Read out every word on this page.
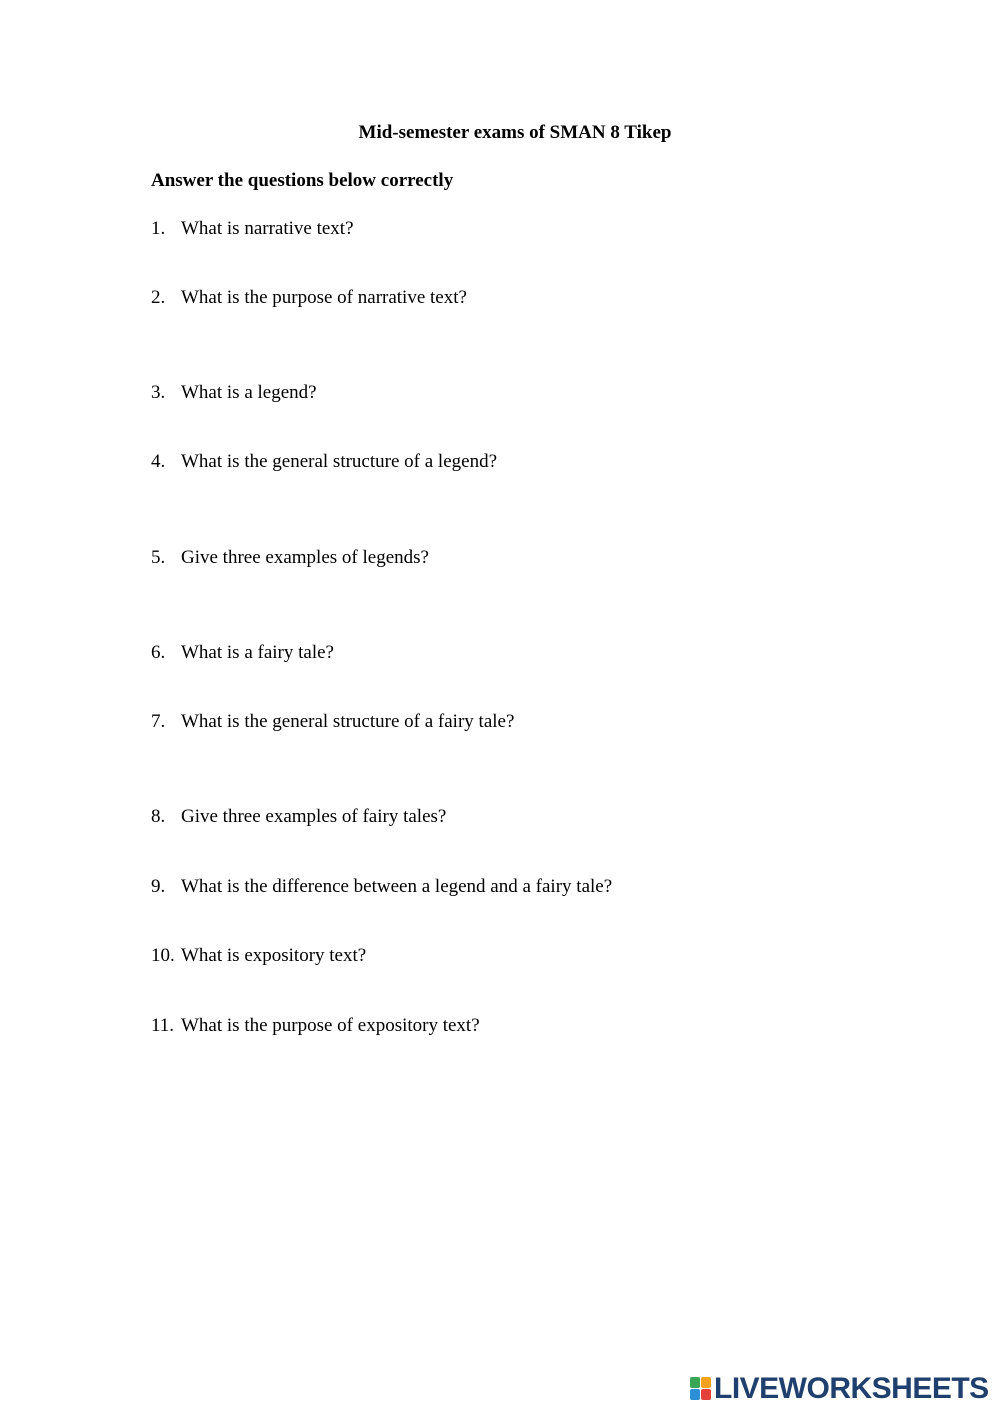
Mid-semester exams of SMAN 8 Tikep
Answer the questions below correctly
1. What is narrative text?
2. What is the purpose of narrative text?
3. What is a legend?
4. What is the general structure of a legend?
5. Give three examples of legends?
6. What is a fairy tale?
7. What is the general structure of a fairy tale?
8. Give three examples of fairy tales?
9. What is the difference between a legend and a fairy tale?
10. What is expository text?
11. What is the purpose of expository text?
LIVEWORKSHEETS
